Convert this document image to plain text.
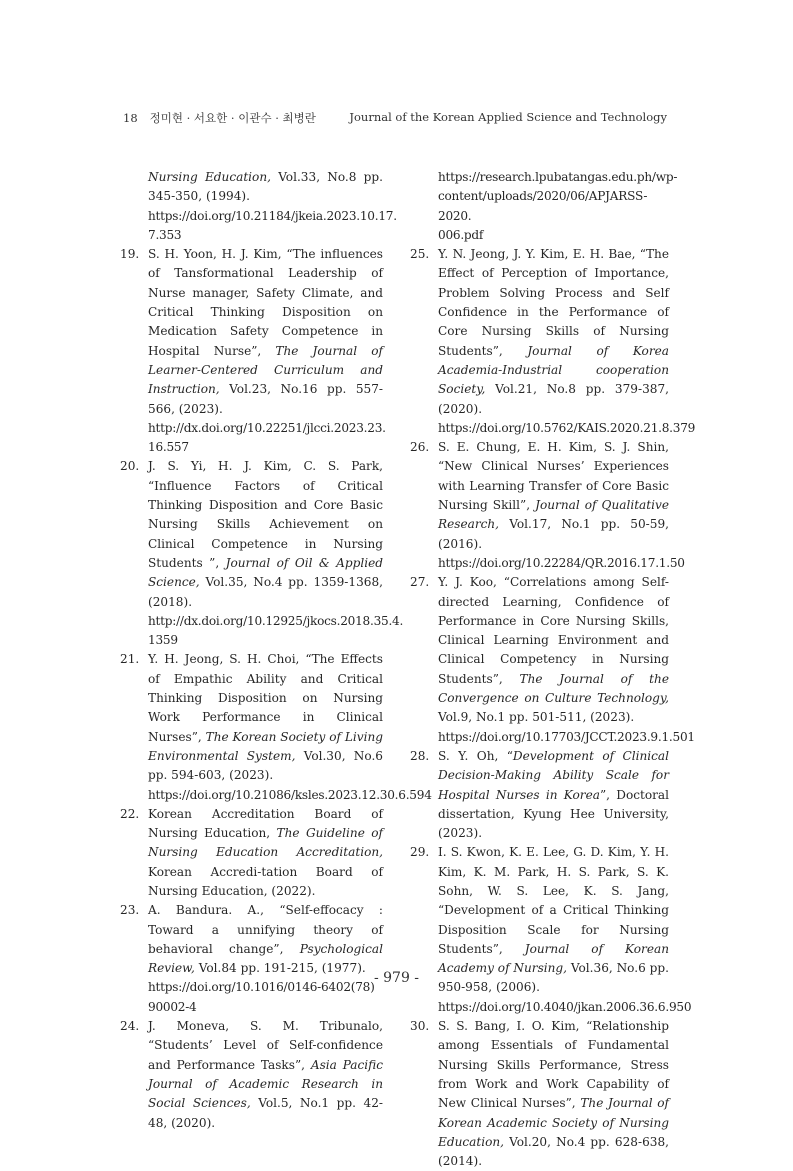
18 정미현 · 서요한 · 이관수 · 최병란	Journal of the Korean Applied Science and Technology
Nursing Education, Vol.33, No.8 pp. 345-350, (1994).
https://doi.org/10.21184/jkeia.2023.10.17.
7.353
19. S. H. Yoon, H. J. Kim, “The influences of Tansformational Leadership of Nurse manager, Safety Climate, and Critical Thinking Disposition on Medication Safety Competence in Hospital Nurse”, The Journal of Learner-Centered Curriculum and Instruction, Vol.23, No.16 pp. 557-566, (2023).
http://dx.doi.org/10.22251/jlcci.2023.23.
16.557
20. J. S. Yi, H. J. Kim, C. S. Park, “Influence Factors of Critical Thinking Disposition and Core Basic Nursing Skills Achievement on Clinical Competence in Nursing Students ”, Journal of Oil & Applied Science, Vol.35, No.4 pp. 1359-1368, (2018).
http://dx.doi.org/10.12925/jkocs.2018.35.4.
1359
21. Y. H. Jeong, S. H. Choi, “The Effects of Empathic Ability and Critical Thinking Disposition on Nursing Work Performance in Clinical Nurses”, The Korean Society of Living Environmental System, Vol.30, No.6 pp. 594-603, (2023).
https://doi.org/10.21086/ksles.2023.12.30.6.594
22. Korean Accreditation Board of Nursing Education, The Guideline of Nursing Education Accreditation, Korean Accredi-tation Board of Nursing Education, (2022).
23. A. Bandura. A., “Self-effocacy : Toward a unnifying theory of behavioral change”, Psychological Review, Vol.84 pp. 191-215, (1977).
https://doi.org/10.1016/0146-6402(78)
90002-4
24. J. Moneva, S. M. Tribunalo, “Students’ Level of Self-confidence and Performance Tasks”, Asia Pacific Journal of Academic Research in Social Sciences, Vol.5, No.1 pp. 42-48, (2020).
https://research.lpubatangas.edu.ph/wp-
content/uploads/2020/06/APJARSS-2020.
006.pdf
25. Y. N. Jeong, J. Y. Kim, E. H. Bae, “The Effect of Perception of Importance, Problem Solving Process and Self Confidence in the Performance of Core Nursing Skills of Nursing Students”, Journal of Korea Academia-Industrial cooperation Society, Vol.21, No.8 pp. 379-387, (2020).
https://doi.org/10.5762/KAIS.2020.21.8.379
26. S. E. Chung, E. H. Kim, S. J. Shin, “New Clinical Nurses’ Experiences with Learning Transfer of Core Basic Nursing Skill”, Journal of Qualitative Research, Vol.17, No.1 pp. 50-59, (2016).
https://doi.org/10.22284/QR.2016.17.1.50
27. Y. J. Koo, “Correlations among Self-directed Learning, Confidence of Performance in Core Nursing Skills, Clinical Learning Environment and Clinical Competency in Nursing Students”, The Journal of the Convergence on Culture Technology, Vol.9, No.1 pp. 501-511, (2023).
https://doi.org/10.17703/JCCT.2023.9.1.501
28. S. Y. Oh, “Development of Clinical Decision-Making Ability Scale for Hospital Nurses in Korea”, Doctoral dissertation, Kyung Hee University, (2023).
29. I. S. Kwon, K. E. Lee, G. D. Kim, Y. H. Kim, K. M. Park, H. S. Park, S. K. Sohn, W. S. Lee, K. S. Jang, “Development of a Critical Thinking Disposition Scale for Nursing Students”, Journal of Korean Academy of Nursing, Vol.36, No.6 pp. 950-958, (2006).
https://doi.org/10.4040/jkan.2006.36.6.950
30. S. S. Bang, I. O. Kim, “Relationship among Essentials of Fundamental Nursing Skills Performance, Stress from Work and Work Capability of New Clinical Nurses”, The Journal of Korean Academic Society of Nursing Education, Vol.20, No.4 pp. 628-638, (2014).
- 979 -
